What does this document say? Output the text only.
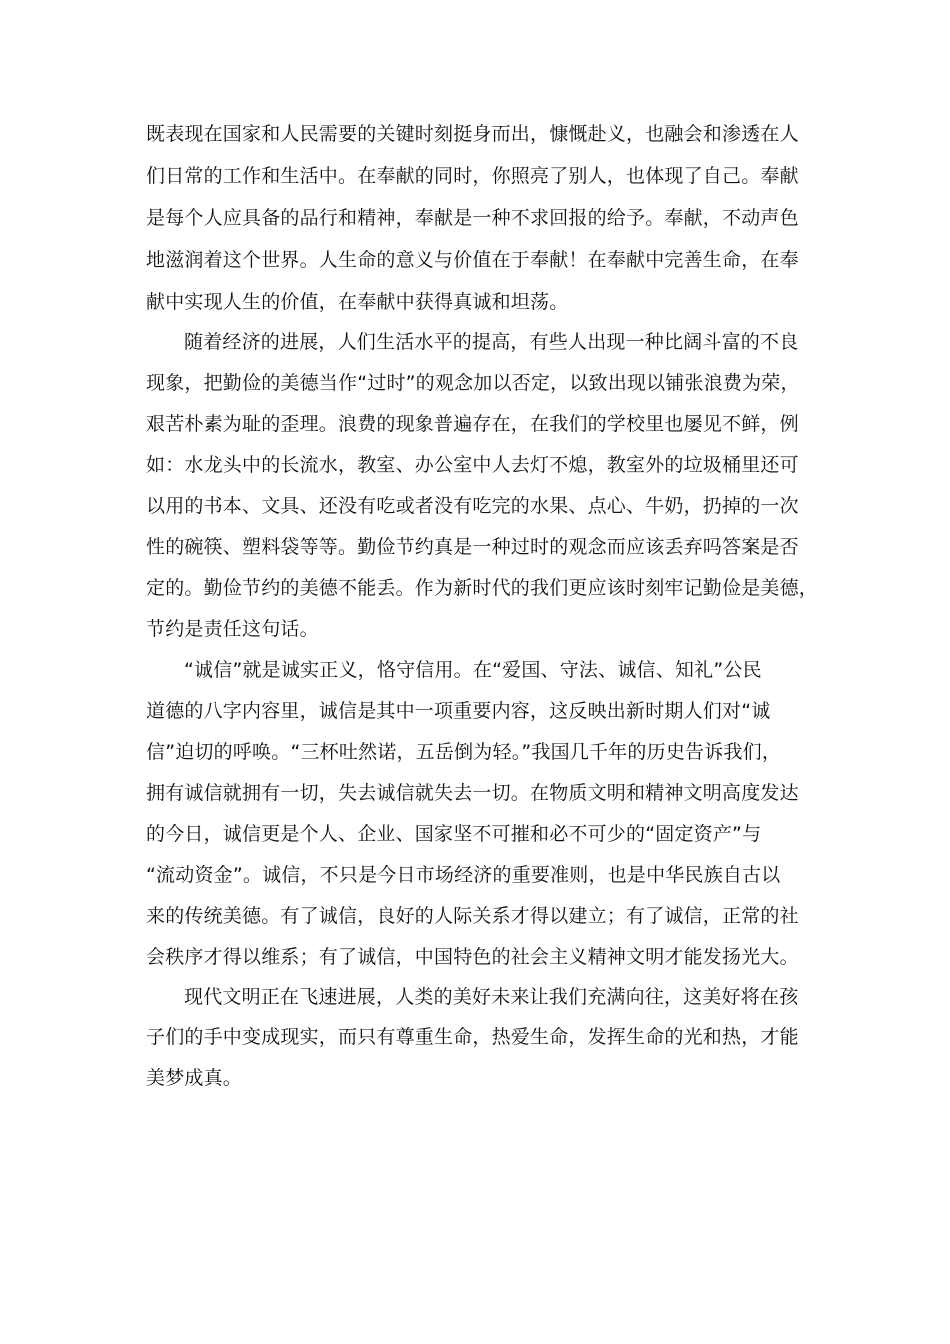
既表现在国家和人民需要的关键时刻挺身而出，慷慨赴义，也融会和渗透在人
们日常的工作和生活中。在奉献的同时，你照亮了别人，也体现了自己。奉献
是每个人应具备的品行和精神，奉献是一种不求回报的给予。奉献，不动声色
地滋润着这个世界。人生命的意义与价值在于奉献！在奉献中完善生命，在奉
献中实现人生的价值，在奉献中获得真诚和坦荡。
随着经济的进展，人们生活水平的提高，有些人出现一种比阔斗富的不良
现象，把勤俭的美德当作“过时”的观念加以否定，以致出现以铺张浪费为荣，
艰苦朴素为耻的歪理。浪费的现象普遍存在，在我们的学校里也屡见不鲜，例
如：水龙头中的长流水，教室、办公室中人去灯不熄，教室外的垃圾桶里还可
以用的书本、文具、还没有吃或者没有吃完的水果、点心、牛奶，扔掉的一次
性的碗筷、塑料袋等等。勤俭节约真是一种过时的观念而应该丢弃吗答案是否
定的。勤俭节约的美德不能丢。作为新时代的我们更应该时刻牢记勤俭是美德，
节约是责任这句话。
“诚信”就是诚实正义，恪守信用。在“爱国、守法、诚信、知礼”公民
道德的八字内容里，诚信是其中一项重要内容，这反映出新时期人们对“诚
信”迫切的呼唤。“三杯吐然诺，五岳倒为轻。”我国几千年的历史告诉我们，
拥有诚信就拥有一切，失去诚信就失去一切。在物质文明和精神文明高度发达
的今日，诚信更是个人、企业、国家坚不可摧和必不可少的“固定资产”与
“流动资金”。诚信，不只是今日市场经济的重要准则，也是中华民族自古以
来的传统美德。有了诚信，良好的人际关系才得以建立；有了诚信，正常的社
会秩序才得以维系；有了诚信，中国特色的社会主义精神文明才能发扬光大。
现代文明正在飞速进展，人类的美好未来让我们充满向往，这美好将在孩
子们的手中变成现实，而只有尊重生命，热爱生命，发挥生命的光和热，才能
美梦成真。
